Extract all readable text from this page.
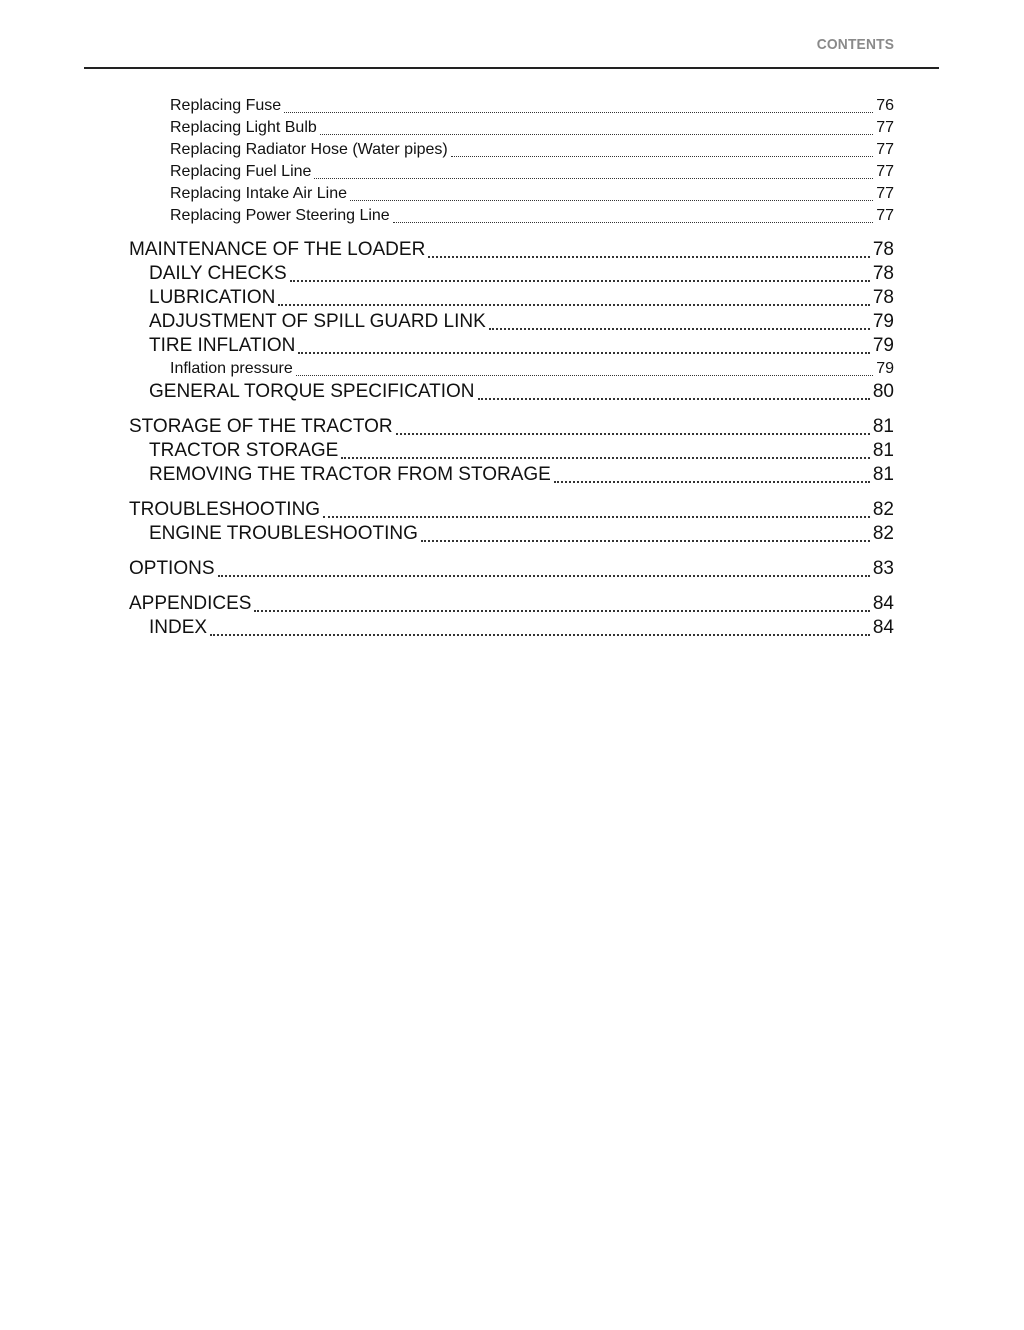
CONTENTS
Replacing Fuse	76
Replacing Light Bulb	77
Replacing Radiator Hose (Water pipes)	77
Replacing Fuel Line	77
Replacing Intake Air Line	77
Replacing Power Steering Line	77
MAINTENANCE OF THE LOADER	78
DAILY CHECKS	78
LUBRICATION	78
ADJUSTMENT OF SPILL GUARD LINK	79
TIRE INFLATION	79
Inflation pressure	79
GENERAL TORQUE SPECIFICATION	80
STORAGE OF THE TRACTOR	81
TRACTOR STORAGE	81
REMOVING THE TRACTOR FROM STORAGE	81
TROUBLESHOOTING	82
ENGINE TROUBLESHOOTING	82
OPTIONS	83
APPENDICES	84
INDEX	84
